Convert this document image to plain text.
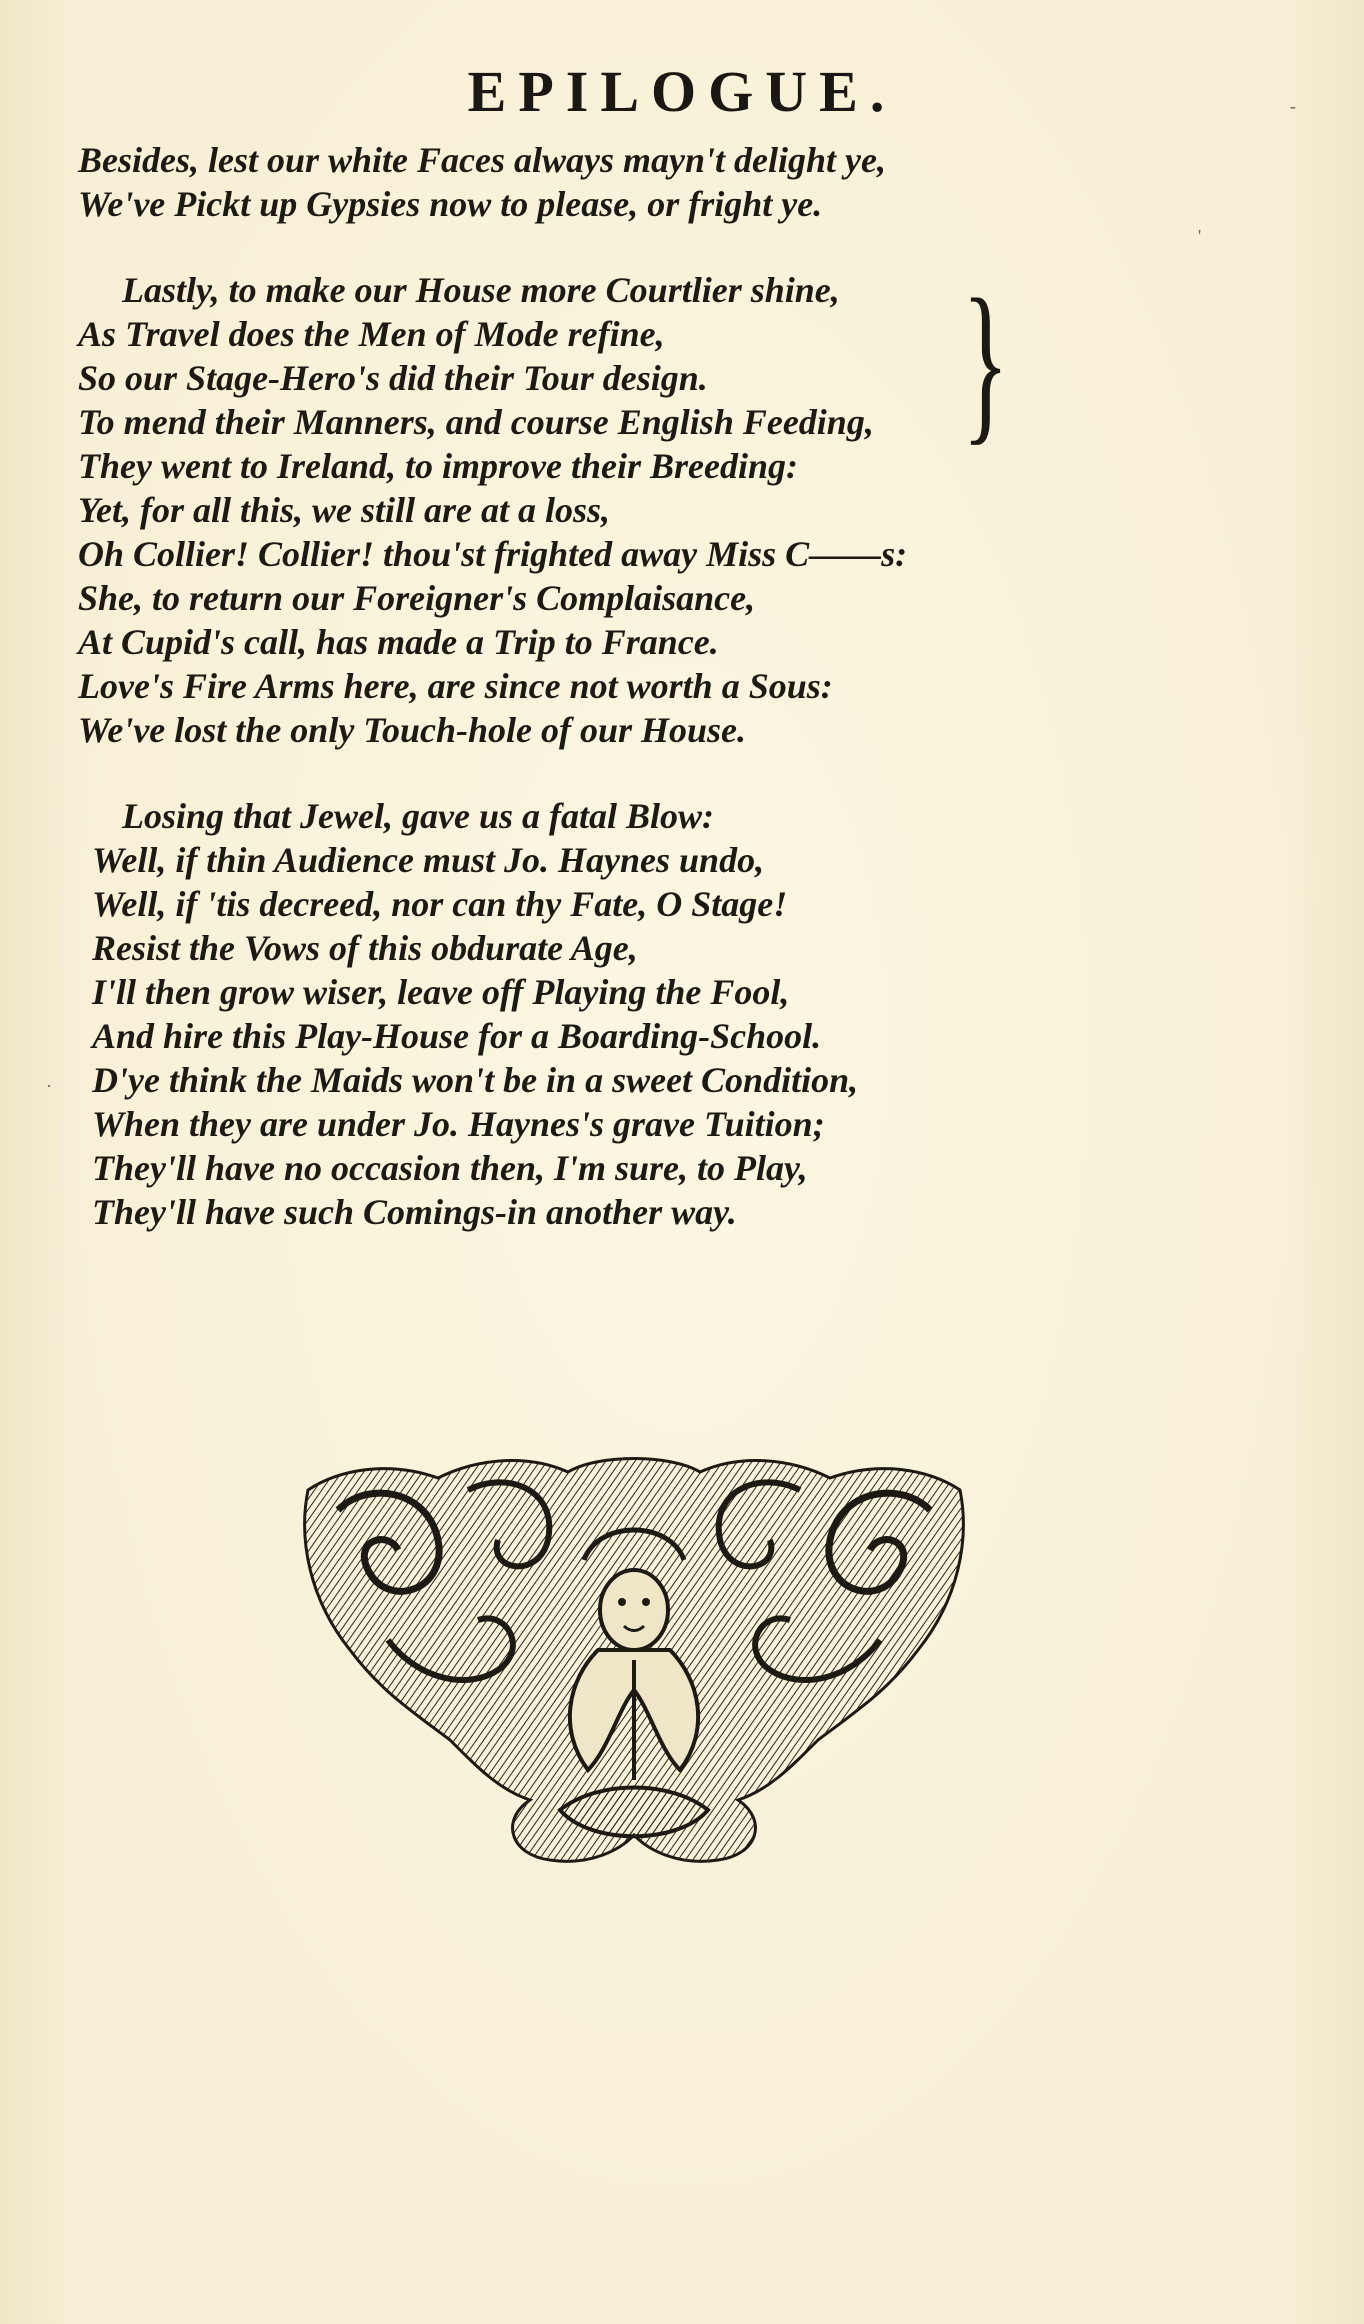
EPILOGUE.
Besides, lest our white Faces always mayn't delight ye,
We've Pickt up Gypsies now to please, or fright ye.
Lastly, to make our House more Courtlier shine,
As Travel does the Men of Mode refine,
So our Stage-Hero's did their Tour design.
To mend their Manners, and course English Feeding,
They went to Ireland, to improve their Breeding:
Yet, for all this, we still are at a loss,
Oh Collier! Collier! thou'st frighted away Miss C——s:
She, to return our Foreigner's Complaisance,
At Cupid's call, has made a Trip to France.
Love's Fire Arms here, are since not worth a Sous:
We've lost the only Touch-hole of our House.
}
Losing that Jewel, gave us a fatal Blow:
Well, if thin Audience must Jo. Haynes undo,
Well, if 'tis decreed, nor can thy Fate, O Stage!
Resist the Vows of this obdurate Age,
I'll then grow wiser, leave off Playing the Fool,
And hire this Play-House for a Boarding-School.
D'ye think the Maids won't be in a sweet Condition,
When they are under Jo. Haynes's grave Tuition;
They'll have no occasion then, I'm sure, to Play,
They'll have such Comings-in another way.
-
'
·
